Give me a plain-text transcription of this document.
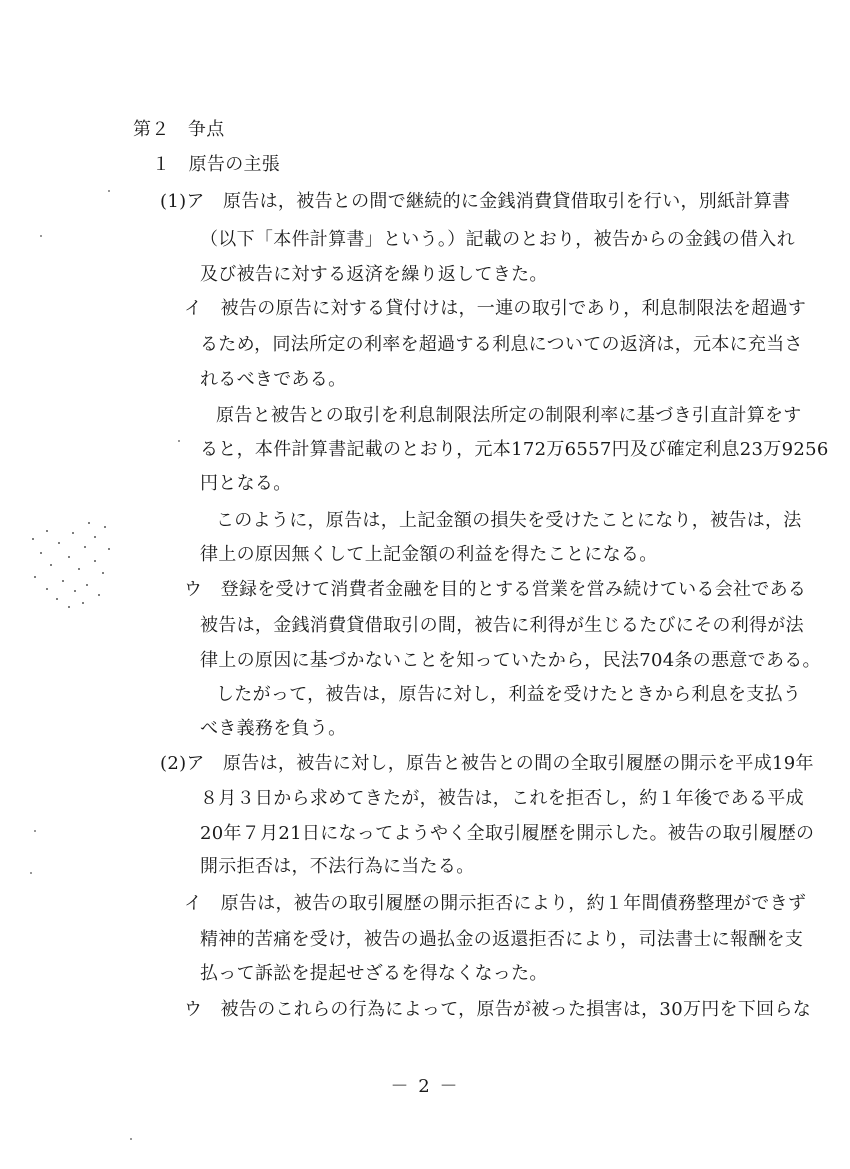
第２　争点
１　原告の主張
(1)ア　原告は，被告との間で継続的に金銭消費貸借取引を行い，別紙計算書
（以下「本件計算書」という。）記載のとおり，被告からの金銭の借入れ
及び被告に対する返済を繰り返してきた。
イ　被告の原告に対する貸付けは，一連の取引であり，利息制限法を超過す
るため，同法所定の利率を超過する利息についての返済は，元本に充当さ
れるべきである。
原告と被告との取引を利息制限法所定の制限利率に基づき引直計算をす
ると，本件計算書記載のとおり，元本172万6557円及び確定利息23万9256
円となる。
このように，原告は，上記金額の損失を受けたことになり，被告は，法
律上の原因無くして上記金額の利益を得たことになる。
ウ　登録を受けて消費者金融を目的とする営業を営み続けている会社である
被告は，金銭消費貸借取引の間，被告に利得が生じるたびにその利得が法
律上の原因に基づかないことを知っていたから，民法704条の悪意である。
したがって，被告は，原告に対し，利益を受けたときから利息を支払う
べき義務を負う。
(2)ア　原告は，被告に対し，原告と被告との間の全取引履歴の開示を平成19年
８月３日から求めてきたが，被告は，これを拒否し，約１年後である平成
20年７月21日になってようやく全取引履歴を開示した。被告の取引履歴の
開示拒否は，不法行為に当たる。
イ　原告は，被告の取引履歴の開示拒否により，約１年間債務整理ができず
精神的苦痛を受け，被告の過払金の返還拒否により，司法書士に報酬を支
払って訴訟を提起せざるを得なくなった。
ウ　被告のこれらの行為によって，原告が被った損害は，30万円を下回らな
－ 2 －
